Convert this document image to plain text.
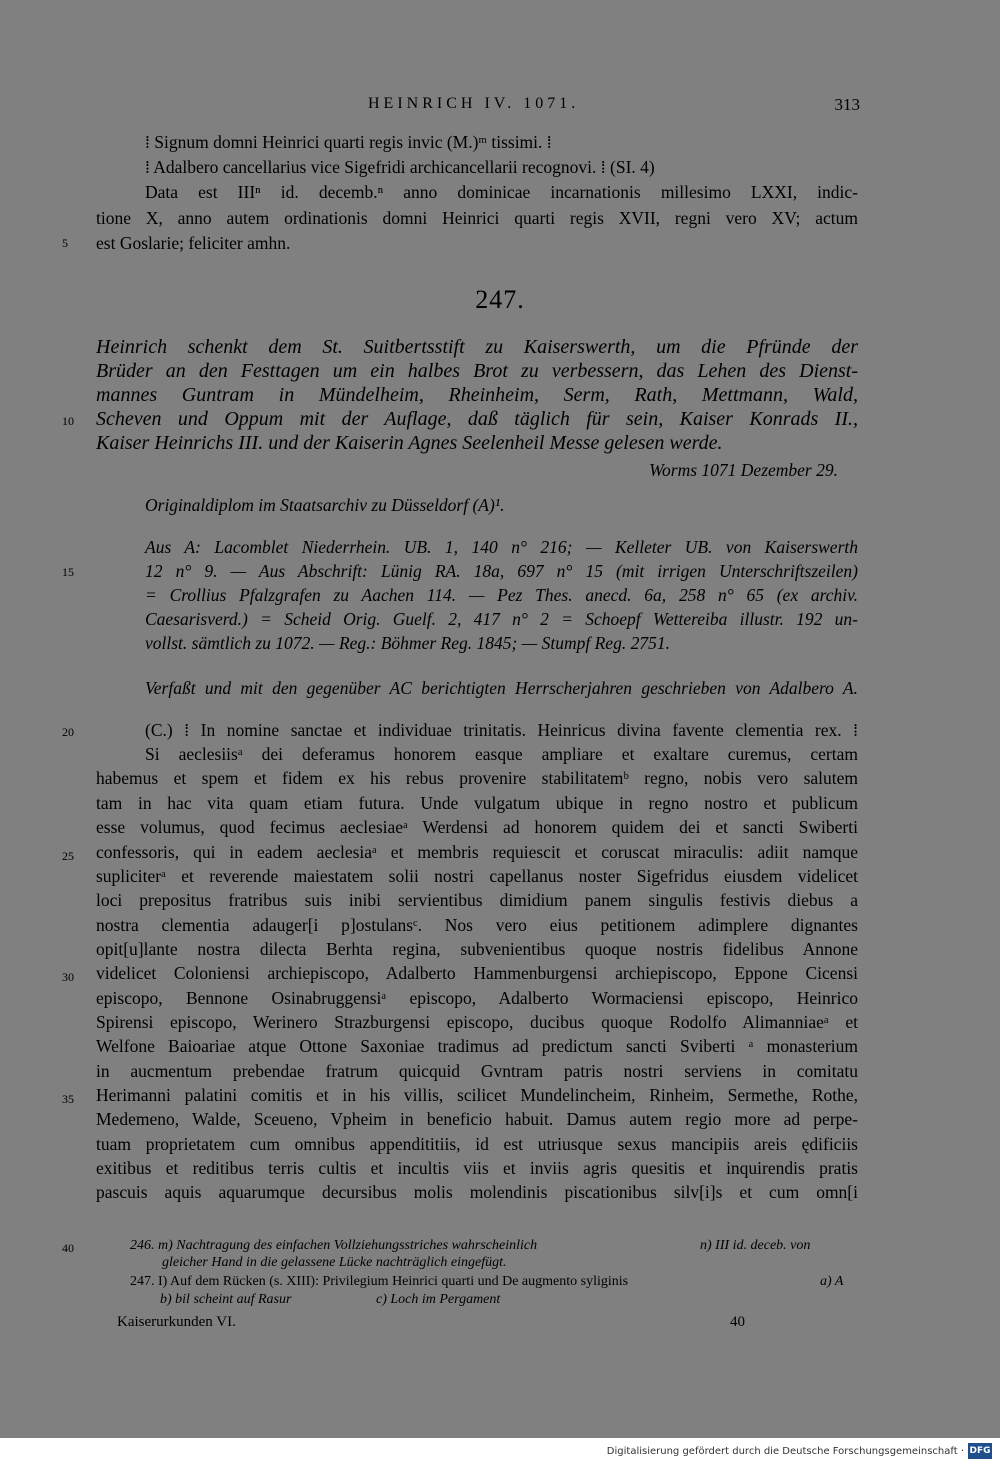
HEINRICH IV. 1071.	313
⁞ Signum domni Heinrici quarti regis invic (M.)ᵐ tissimi. ⁞
⁞ Adalbero cancellarius vice Sigefridi archicancellarii recognovi. ⁞ (SI. 4)
Data est IIIⁿ id. decemb.ⁿ anno dominicae incarnationis millesimo LXXI, indic-
tione X, anno autem ordinationis domni Heinrici quarti regis XVII, regni vero XV; actum
est Goslarie; feliciter amhn.
247.
Heinrich schenkt dem St. Suitbertsstift zu Kaiserswerth, um die Pfründe der
Brüder an den Festtagen um ein halbes Brot zu verbessern, das Lehen des Dienst-
mannes Guntram in Mündelheim, Rheinheim, Serm, Rath, Mettmann, Wald,
Scheven und Oppum mit der Auflage, daß täglich für sein, Kaiser Konrads II.,
Kaiser Heinrichs III. und der Kaiserin Agnes Seelenheil Messe gelesen werde.
Worms 1071 Dezember 29.
Originaldiplom im Staatsarchiv zu Düsseldorf (A)¹.
Aus A: Lacomblet Niederrhein. UB. 1, 140 n° 216; — Kelleter UB. von Kaiserswerth
12 n° 9. — Aus Abschrift: Lünig RA. 18a, 697 n° 15 (mit irrigen Unterschriftszeilen)
= Crollius Pfalzgrafen zu Aachen 114. — Pez Thes. anecd. 6a, 258 n° 65 (ex archiv.
Caesarisverd.) = Scheid Orig. Guelf. 2, 417 n° 2 = Schoepf Wettereiba illustr. 192 un-
vollst. sämtlich zu 1072. — Reg.: Böhmer Reg. 1845; — Stumpf Reg. 2751.
Verfaßt und mit den gegenüber AC berichtigten Herrscherjahren geschrieben von Adalbero A.
(C.) ⁞ In nomine sanctae et individuae trinitatis. Heinricus divina favente clementia rex. ⁞
Si aeclesiisᵃ dei deferamus honorem easque ampliare et exaltare curemus, certam
habemus et spem et fidem ex his rebus provenire stabilitatemᵇ regno, nobis vero salutem
tam in hac vita quam etiam futura. Unde vulgatum ubique in regno nostro et publicum
esse volumus, quod fecimus aeclesiaeᵃ Werdensi ad honorem quidem dei et sancti Swiberti
confessoris, qui in eadem aeclesiaᵃ et membris requiescit et coruscat miraculis: adiit namque
supliciterᵃ et reverende maiestatem solii nostri capellanus noster Sigefridus eiusdem videlicet
loci prepositus fratribus suis inibi servientibus dimidium panem singulis festivis diebus a
nostra clementia adauger[i p]ostulansᶜ. Nos vero eius petitionem adimplere dignantes
opit[u]lante nostra dilecta Berhta regina, subvenientibus quoque nostris fidelibus Annone
videlicet Coloniensi archiepiscopo, Adalberto Hammenburgensi archiepiscopo, Eppone Cicensi
episcopo, Bennone Osinabruggensiᵃ episcopo, Adalberto Wormaciensi episcopo, Heinrico
Spirensi episcopo, Werinero Strazburgensi episcopo, ducibus quoque Rodolfo Alimanniaeᵃ et
Welfone Baioariae atque Ottone Saxoniae tradimus ad predictum sancti Sviberti ᵃ monasterium
in aucmentum prebendae fratrum quicquid Gvntram patris nostri serviens in comitatu
Herimanni palatini comitis et in his villis, scilicet Mundelincheim, Rinheim, Sermethe, Rothe,
Medemeno, Walde, Sceueno, Vpheim in beneficio habuit. Damus autem regio more ad perpe-
tuam proprietatem cum omnibus appendititiis, id est utriusque sexus mancipiis areis ędificiis
exitibus et reditibus terris cultis et incultis viis et inviis agris quesitis et inquirendis pratis
pascuis aquis aquarumque decursibus molis molendinis piscationibus silv[i]s et cum omn[i
246. m) Nachtragung des einfachen Vollziehungsstriches wahrscheinlich	n) III id. deceb. von
gleicher Hand in die gelassene Lücke nachträglich eingefügt.
247. I) Auf dem Rücken (s. XIII): Privilegium Heinrici quarti und De augmento syliginis	a) A
b) bil scheint auf Rasur	c) Loch im Pergament
Kaiserurkunden VI.	40
5
10
15
20
25
30
35
40
Digitalisierung gefördert durch die Deutsche Forschungsgemeinschaft · DFG
